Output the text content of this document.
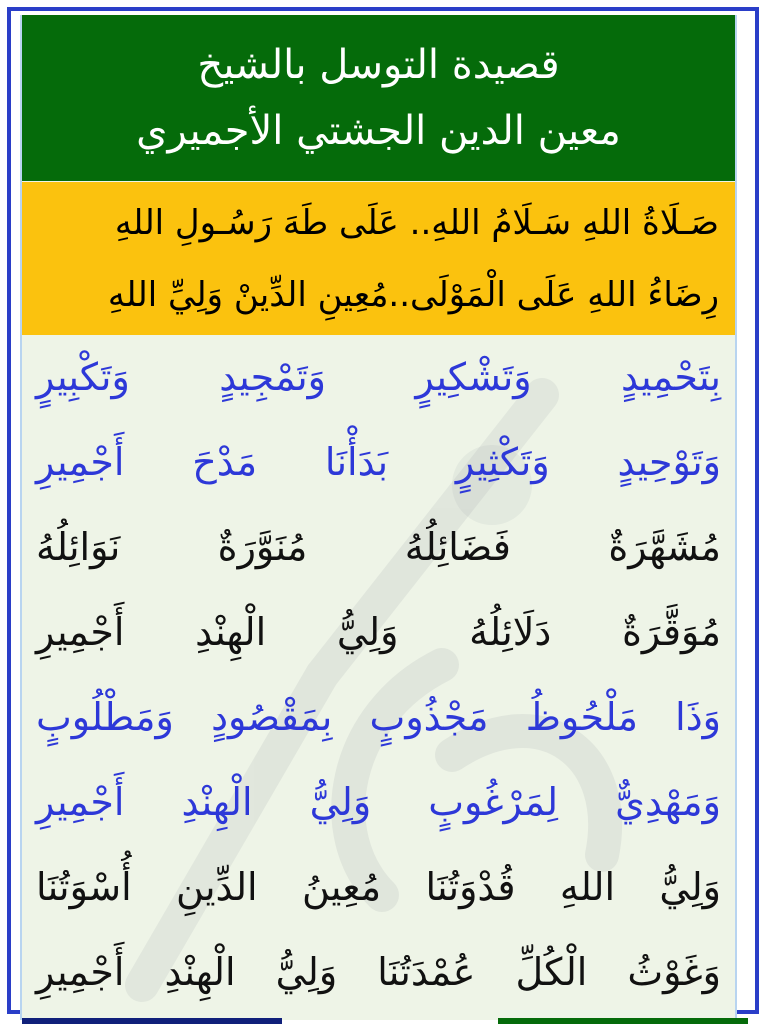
قصيدة التوسل بالشيخ
معين الدين الجشتي الأجميري
صَـلَاةُ اللهِ سَـلَامُ اللهِ.. عَلَى طَهَ رَسُـولِ اللهِ
رِضَاءُ اللهِ عَلَى الْمَوْلَى..مُعِينِ الدِّينْ وَلِيِّ اللهِ
بِتَحْمِيدٍ وَتَشْكِيرٍ وَتَمْجِيدٍ وَتَكْبِيرٍ
وَتَوْحِيدٍ وَتَكْثِيرٍ بَدَأْنَا مَدْحَ أَجْمِيرِ
مُشَهَّرَةٌ فَضَائِلُهُ مُنَوَّرَةٌ نَوَائِلُهُ
مُوَقَّرَةٌ دَلَائِلُهُ وَلِيُّ الْهِنْدِ أَجْمِيرِ
وَذَا مَلْحُوظُ مَجْذُوبٍ بِمَقْصُودٍ وَمَطْلُوبٍ
وَمَهْدِيٌّ لِمَرْغُوبٍ وَلِيُّ الْهِنْدِ أَجْمِيرِ
وَلِيُّ اللهِ قُدْوَتُنَا مُعِينُ الدِّينِ أُسْوَتُنَا
وَغَوْثُ الْكُلِّ عُمْدَتُنَا وَلِيُّ الْهِنْدِ أَجْمِيرِ
